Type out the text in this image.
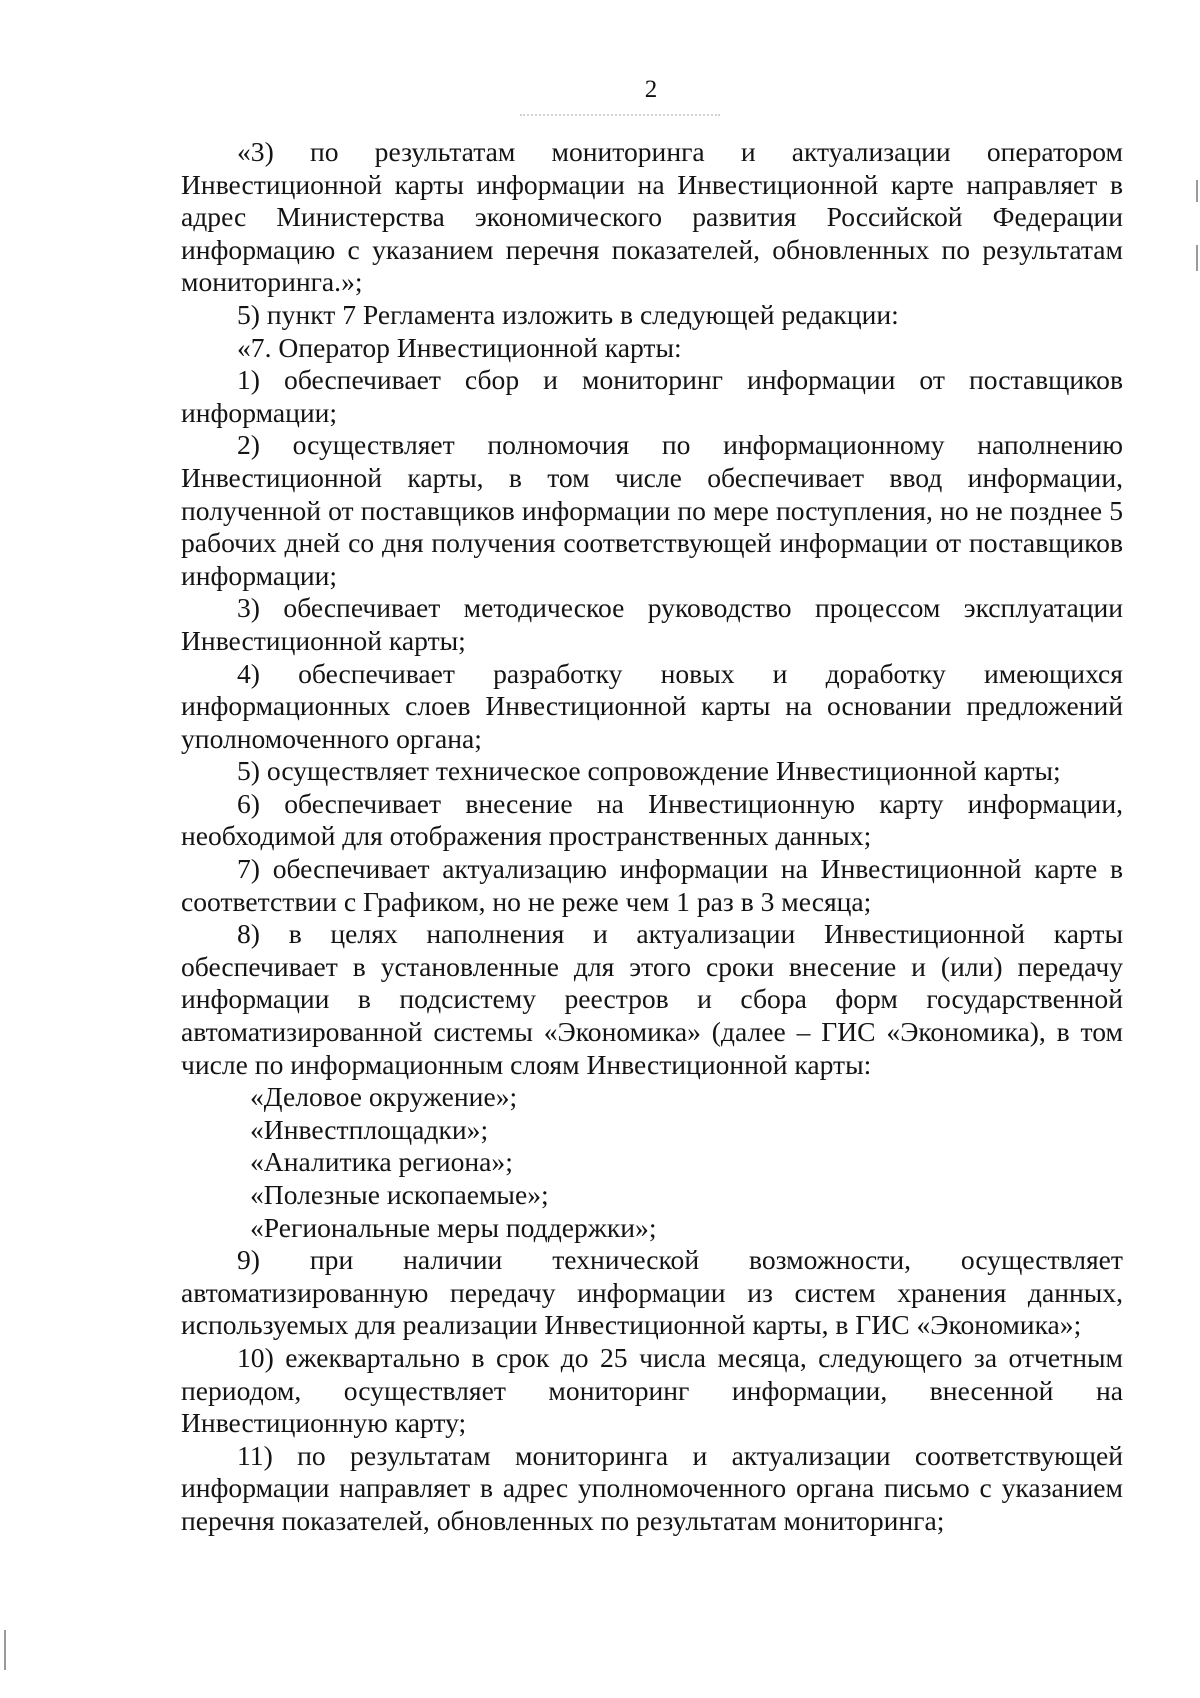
2

«3) по результатам мониторинга и актуализации оператором Инвестиционной карты информации на Инвестиционной карте направляет в адрес Министерства экономического развития Российской Федерации информацию с указанием перечня показателей, обновленных по результатам мониторинга.»;

5) пункт 7 Регламента изложить в следующей редакции:

«7. Оператор Инвестиционной карты:

1) обеспечивает сбор и мониторинг информации от поставщиков информации;

2) осуществляет полномочия по информационному наполнению Инвестиционной карты, в том числе обеспечивает ввод информации, полученной от поставщиков информации по мере поступления, но не позднее 5 рабочих дней со дня получения соответствующей информации от поставщиков информации;

3) обеспечивает методическое руководство процессом эксплуатации Инвестиционной карты;

4) обеспечивает разработку новых и доработку имеющихся информационных слоев Инвестиционной карты на основании предложений уполномоченного органа;

5) осуществляет техническое сопровождение Инвестиционной карты;

6) обеспечивает внесение на Инвестиционную карту информации, необходимой для отображения пространственных данных;

7) обеспечивает актуализацию информации на Инвестиционной карте в соответствии с Графиком, но не реже чем 1 раз в 3 месяца;

8) в целях наполнения и актуализации Инвестиционной карты обеспечивает в установленные для этого сроки внесение и (или) передачу информации в подсистему реестров и сбора форм государственной автоматизированной системы «Экономика» (далее – ГИС «Экономика), в том числе по информационным слоям Инвестиционной карты:

«Деловое окружение»;

«Инвестплощадки»;

«Аналитика региона»;

«Полезные ископаемые»;

«Региональные меры поддержки»;

9) при наличии технической возможности, осуществляет автоматизированную передачу информации из систем хранения данных, используемых для реализации Инвестиционной карты, в ГИС «Экономика»;

10) ежеквартально в срок до 25 числа месяца, следующего за отчетным периодом, осуществляет мониторинг информации, внесенной на Инвестиционную карту;

11) по результатам мониторинга и актуализации соответствующей информации направляет в адрес уполномоченного органа письмо с указанием перечня показателей, обновленных по результатам мониторинга;
